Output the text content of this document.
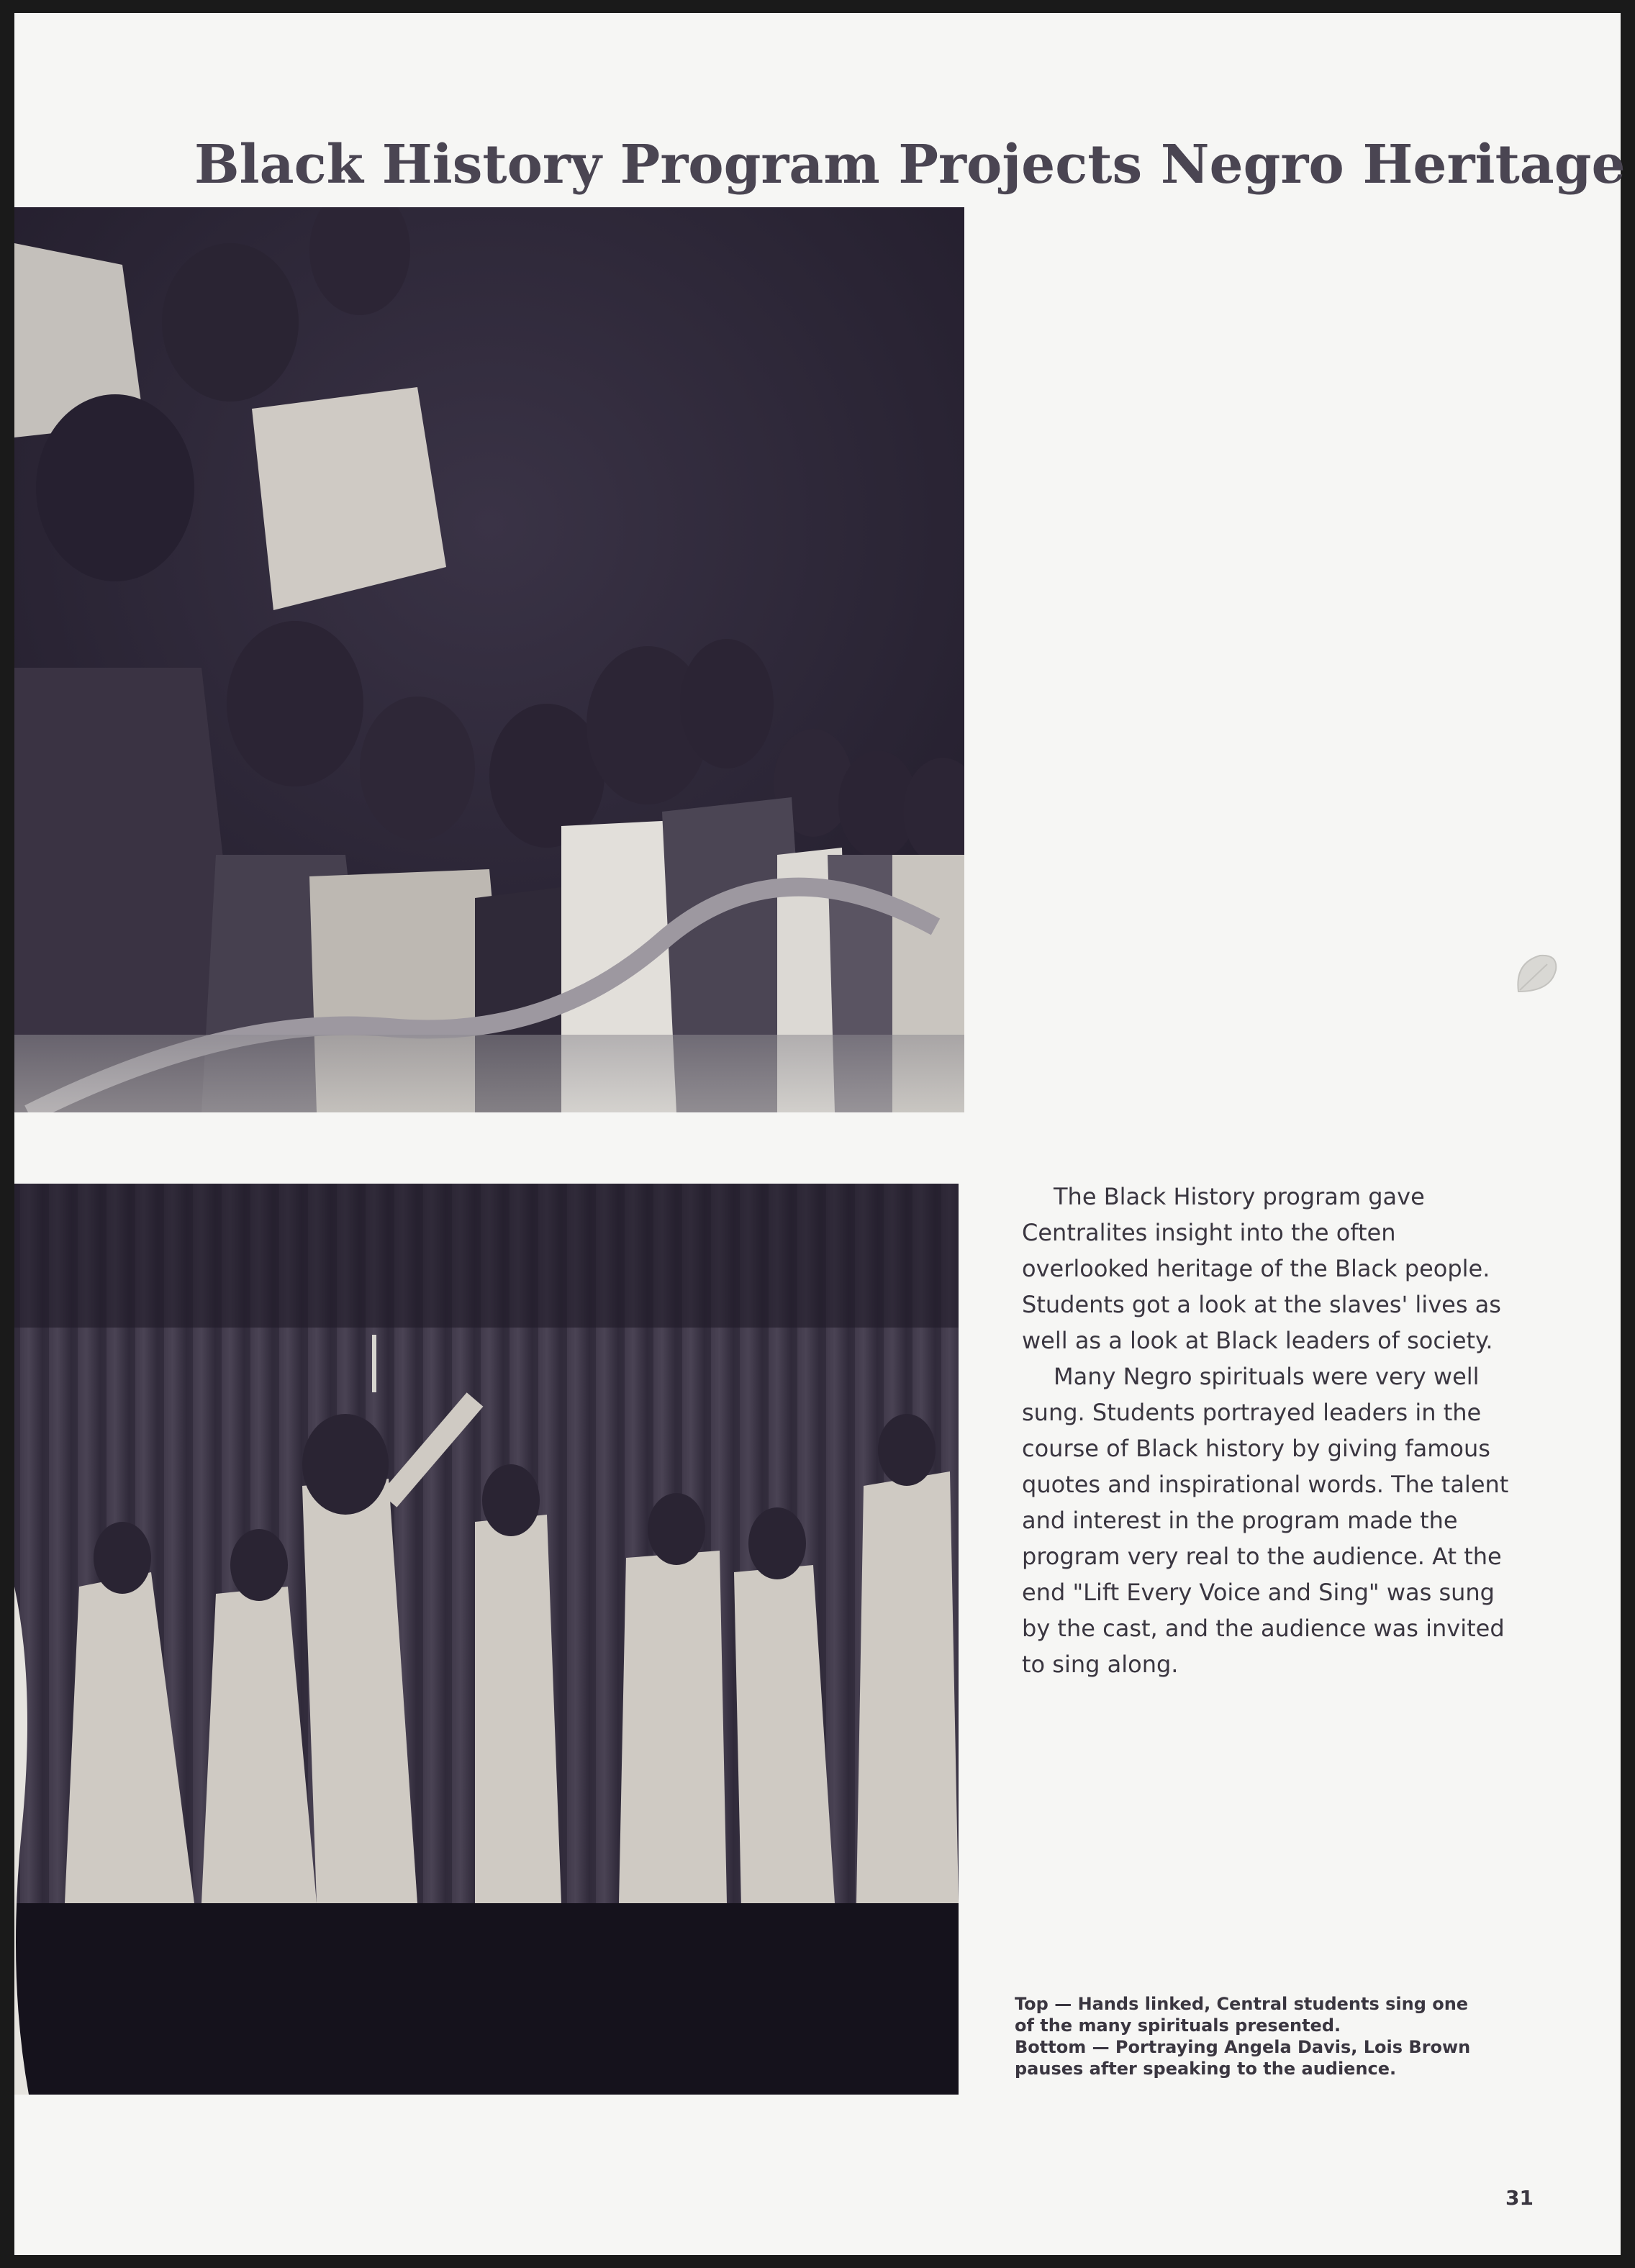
Black History Program Projects Negro Heritage

The Black History program gave Centralites insight into the often overlooked heritage of the Black people. Students got a look at the slaves' lives as well as a look at Black leaders of society.

Many Negro spirituals were very well sung. Students portrayed leaders in the course of Black history by giving famous quotes and inspirational words. The talent and interest in the program made the program very real to the audience. At the end "Lift Every Voice and Sing" was sung by the cast, and the audience was invited to sing along.

Top — Hands linked, Central students sing one of the many spirituals presented.

Bottom — Portraying Angela Davis, Lois Brown pauses after speaking to the audience.

31
